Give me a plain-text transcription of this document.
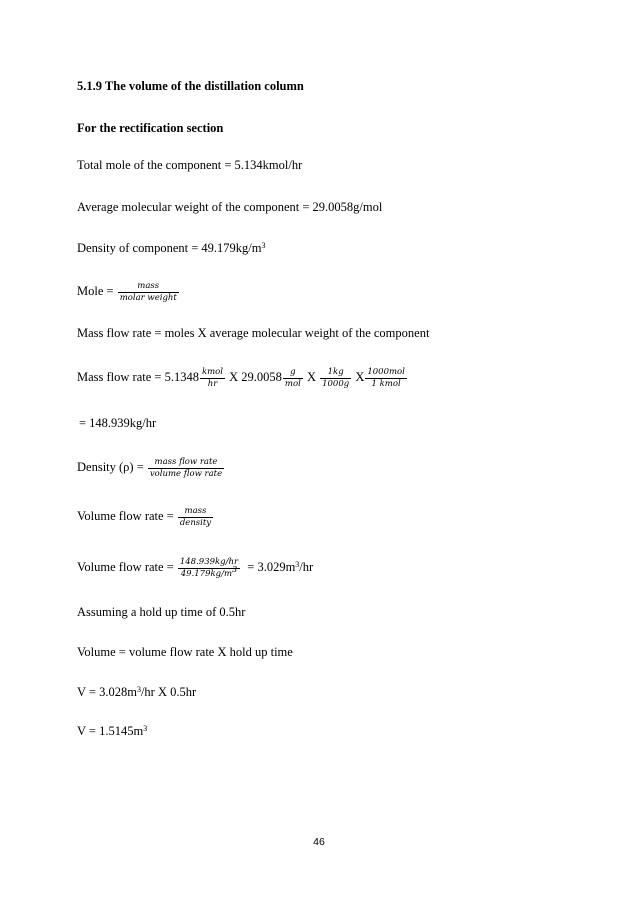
5.1.9 The volume of the distillation column
For the rectification section
Total mole of the component = 5.134kmol/hr
Average molecular weight of the component = 29.0058g/mol
Density of component = $49.179kg/m^3$
Mole = $\frac{\text{mass}}{\text{molar weight}}$
Mass flow rate = moles X average molecular weight of the component
Mass flow rate = $5.1348 \frac{\text{kmol}}{hr}$ X $29.0058 \frac{g}{\text{mol}}$ X $\frac{1kg}{1000g}$ X $\frac{\text{1000mol}}{\text{1 kmol}}$
= 148.939kg/hr
Density $(\rho) = \frac{\text{mass flow rate}}{\text{volume flow rate}}$
Volume flow rate = $\frac{\text{mass}}{\text{density}}$
Volume flow rate = $\frac{148.939kg/hr}{49.179kg/m^3} = 3.029m^3/hr$
Assuming a hold up time of 0.5hr
Volume = volume flow rate X hold up time
$V = 3.028m^3/hr$ X 0.5hr
$V = 1.5145m^3$
46
